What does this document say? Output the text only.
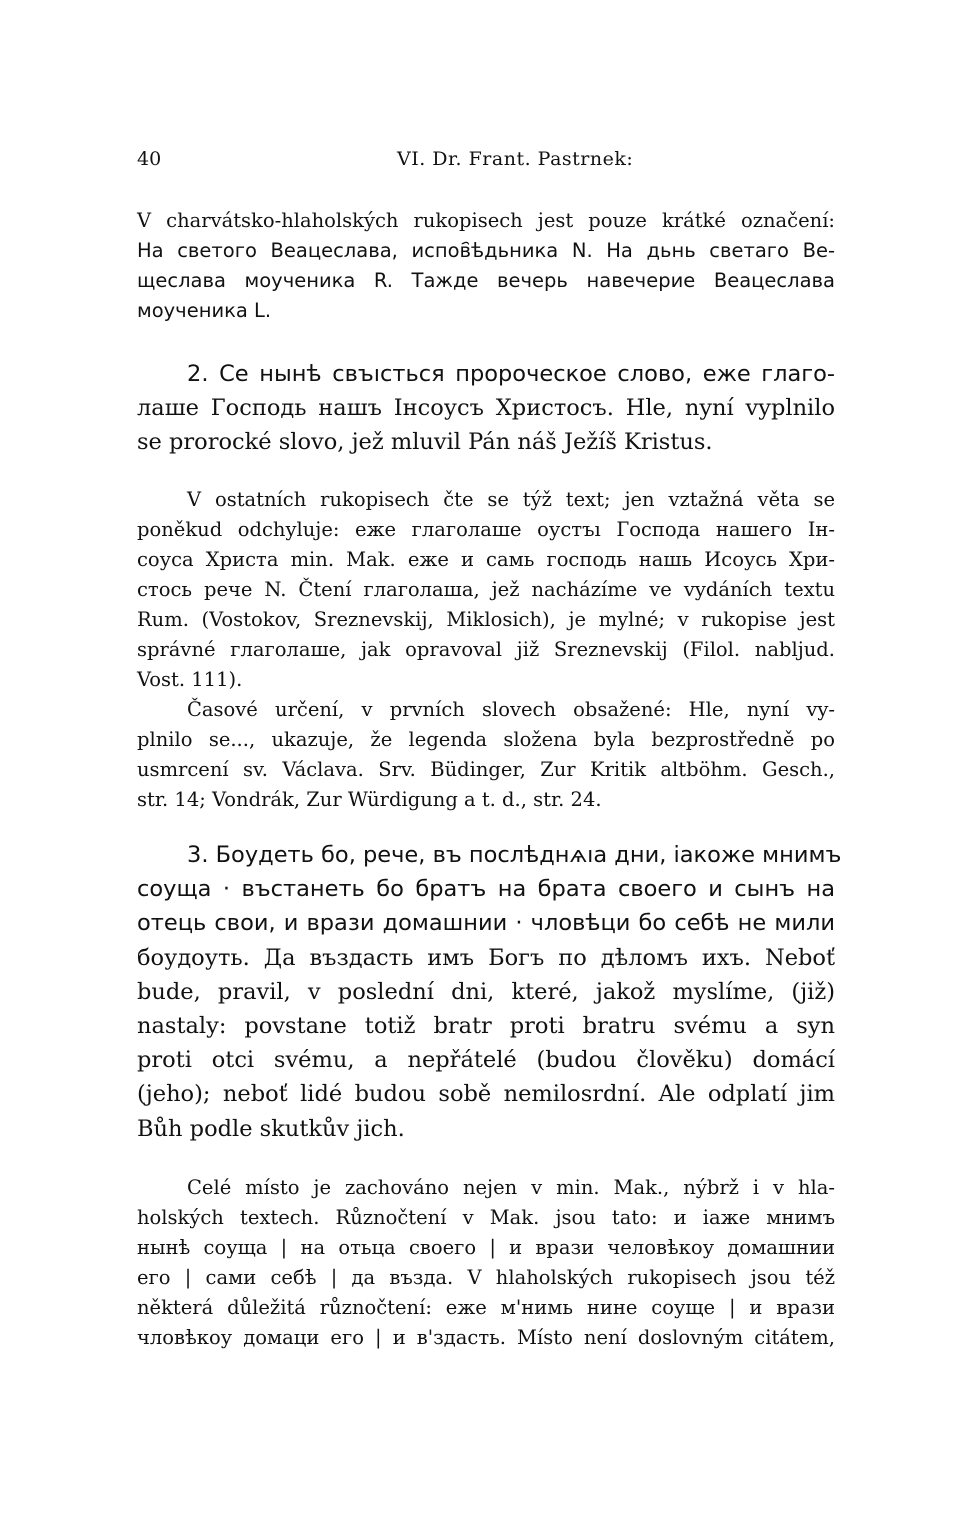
40	VI. Dr. Frant. Pastrnek:
V charvátsko-hlaholských rukopisech jest pouze krátké označení:
На светого Веацеслава, испов҄ѣдьника N. На дьнь светаго Ве-
щеслава моученика R. Тажде вечерь навечерие Веацеслава
моученика L.
2. Се нынѣ свъıсться пророческое слово, еже глаго-
лаше Господь нашъ Інсоусъ Христосъ. Hle, nyní vyplnilo
se prorocké slovo, jež mluvil Pán náš Ježíš Kristus.
V ostatních rukopisech čte se týž text; jen vztažná věta se
poněkud odchyluje: еже глаголаше оустъı Господа нашего Ін-
соуса Христа min. Mak. еже и самь господь нашь Исоусь Хри-
стось рече N. Čtení глаголаша, jež nacházíme ve vydáních textu
Rum. (Vostokov, Sreznevskij, Miklosich), je mylné; v rukopise jest
správné глаголаше, jak opravoval již Sreznevskij (Filol. nabljud.
Vost. 111).
Časové určení, v prvních slovech obsažené: Hle, nyní vy-
plnilo se..., ukazuje, že legenda složena byla bezprostředně po
usmrcení sv. Václava. Srv. Büdinger, Zur Kritik altböhm. Gesch.,
str. 14; Vondrák, Zur Würdigung a t. d., str. 24.
3. Боудеть бо, рече, въ послѣднѧıа дни, іакоже мнимъ
соуща · въстанеть бо братъ на брата своего и сынъ на
отець свои, и врази домашнии · чловѣци бо себѣ не мили
боудоуть. Да въздасть имъ Богъ по дѣломъ ихъ. Neboť
bude, pravil, v poslední dni, které, jakož myslíme, (již)
nastaly: povstane totiž bratr proti bratru svému a syn
proti otci svému, a nepřátelé (budou člověku) domácí
(jeho); neboť lidé budou sobě nemilosrdní. Ale odplatí jim
Bůh podle skutkův jich.
Celé místo je zachováno nejen v min. Mak., nýbrž i v hla-
holských textech. Různočtení v Mak. jsou tato: и іаже мнимъ
нынѣ соуща | на отьца своего | и врази человѣкоу домашнии
его | сами себѣ | да възда. V hlaholských rukopisech jsou též
některá důležitá různočtení: еже м'нимь нине соуще | и врази
чловѣкоу домаци его | и в'здасть. Místo není doslovným citátem,
